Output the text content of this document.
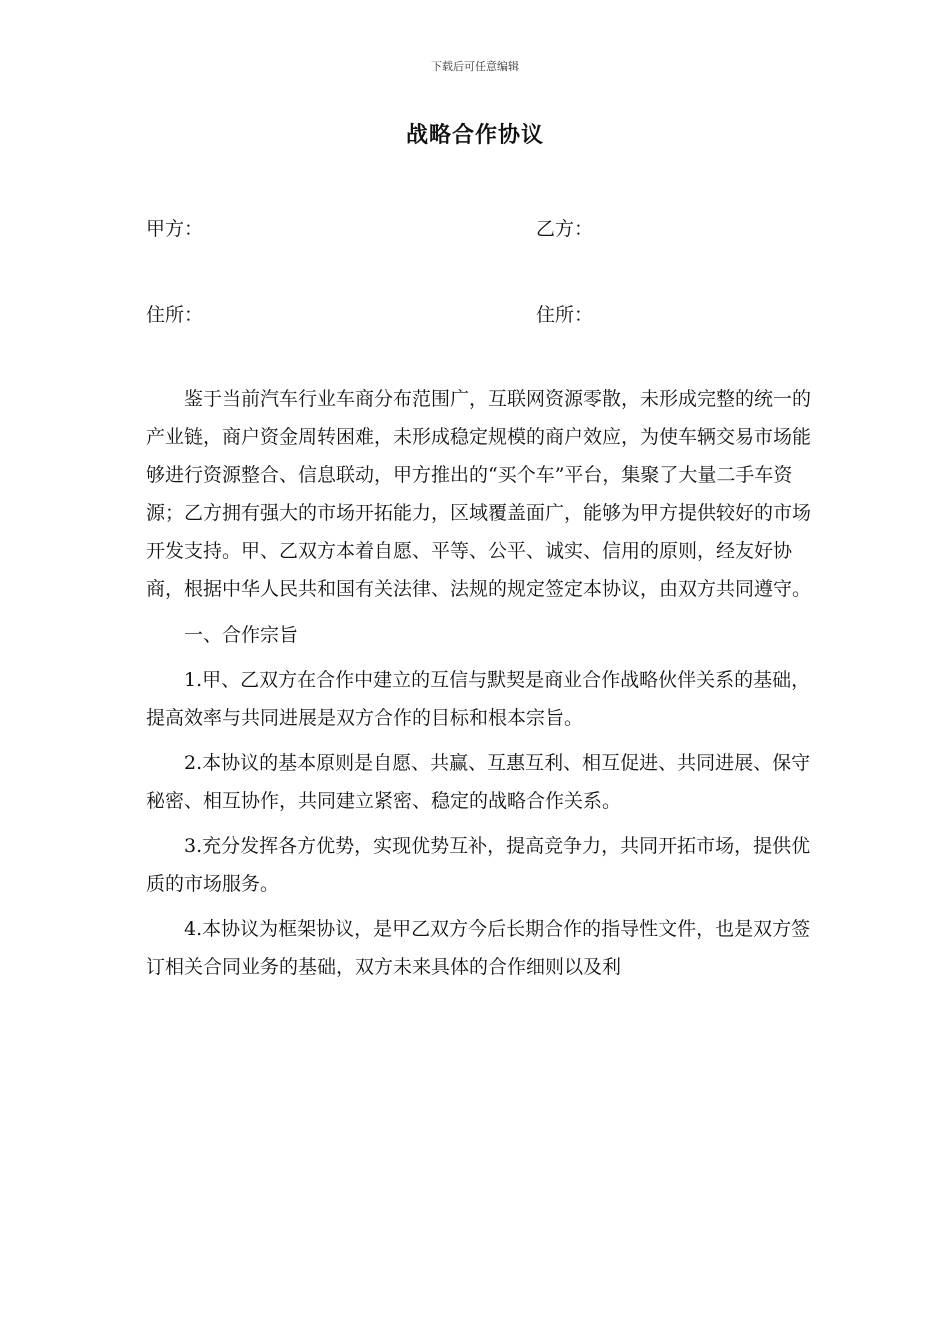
下载后可任意编辑
战略合作协议
甲方：	乙方：
住所：	住所：

鉴于当前汽车行业车商分布范围广，互联网资源零散，未形成完整的统一的产业链，商户资金周转困难，未形成稳定规模的商户效应，为使车辆交易市场能够进行资源整合、信息联动，甲方推出的“买个车”平台，集聚了大量二手车资源；乙方拥有强大的市场开拓能力，区域覆盖面广，能够为甲方提供较好的市场开发支持。甲、乙双方本着自愿、平等、公平、诚实、信用的原则，经友好协商，根据中华人民共和国有关法律、法规的规定签定本协议，由双方共同遵守。

一、合作宗旨

1.甲、乙双方在合作中建立的互信与默契是商业合作战略伙伴关系的基础，提高效率与共同进展是双方合作的目标和根本宗旨。

2.本协议的基本原则是自愿、共赢、互惠互利、相互促进、共同进展、保守秘密、相互协作，共同建立紧密、稳定的战略合作关系。

3.充分发挥各方优势，实现优势互补，提高竞争力，共同开拓市场，提供优质的市场服务。

4.本协议为框架协议，是甲乙双方今后长期合作的指导性文件，也是双方签订相关合同业务的基础，双方未来具体的合作细则以及利
